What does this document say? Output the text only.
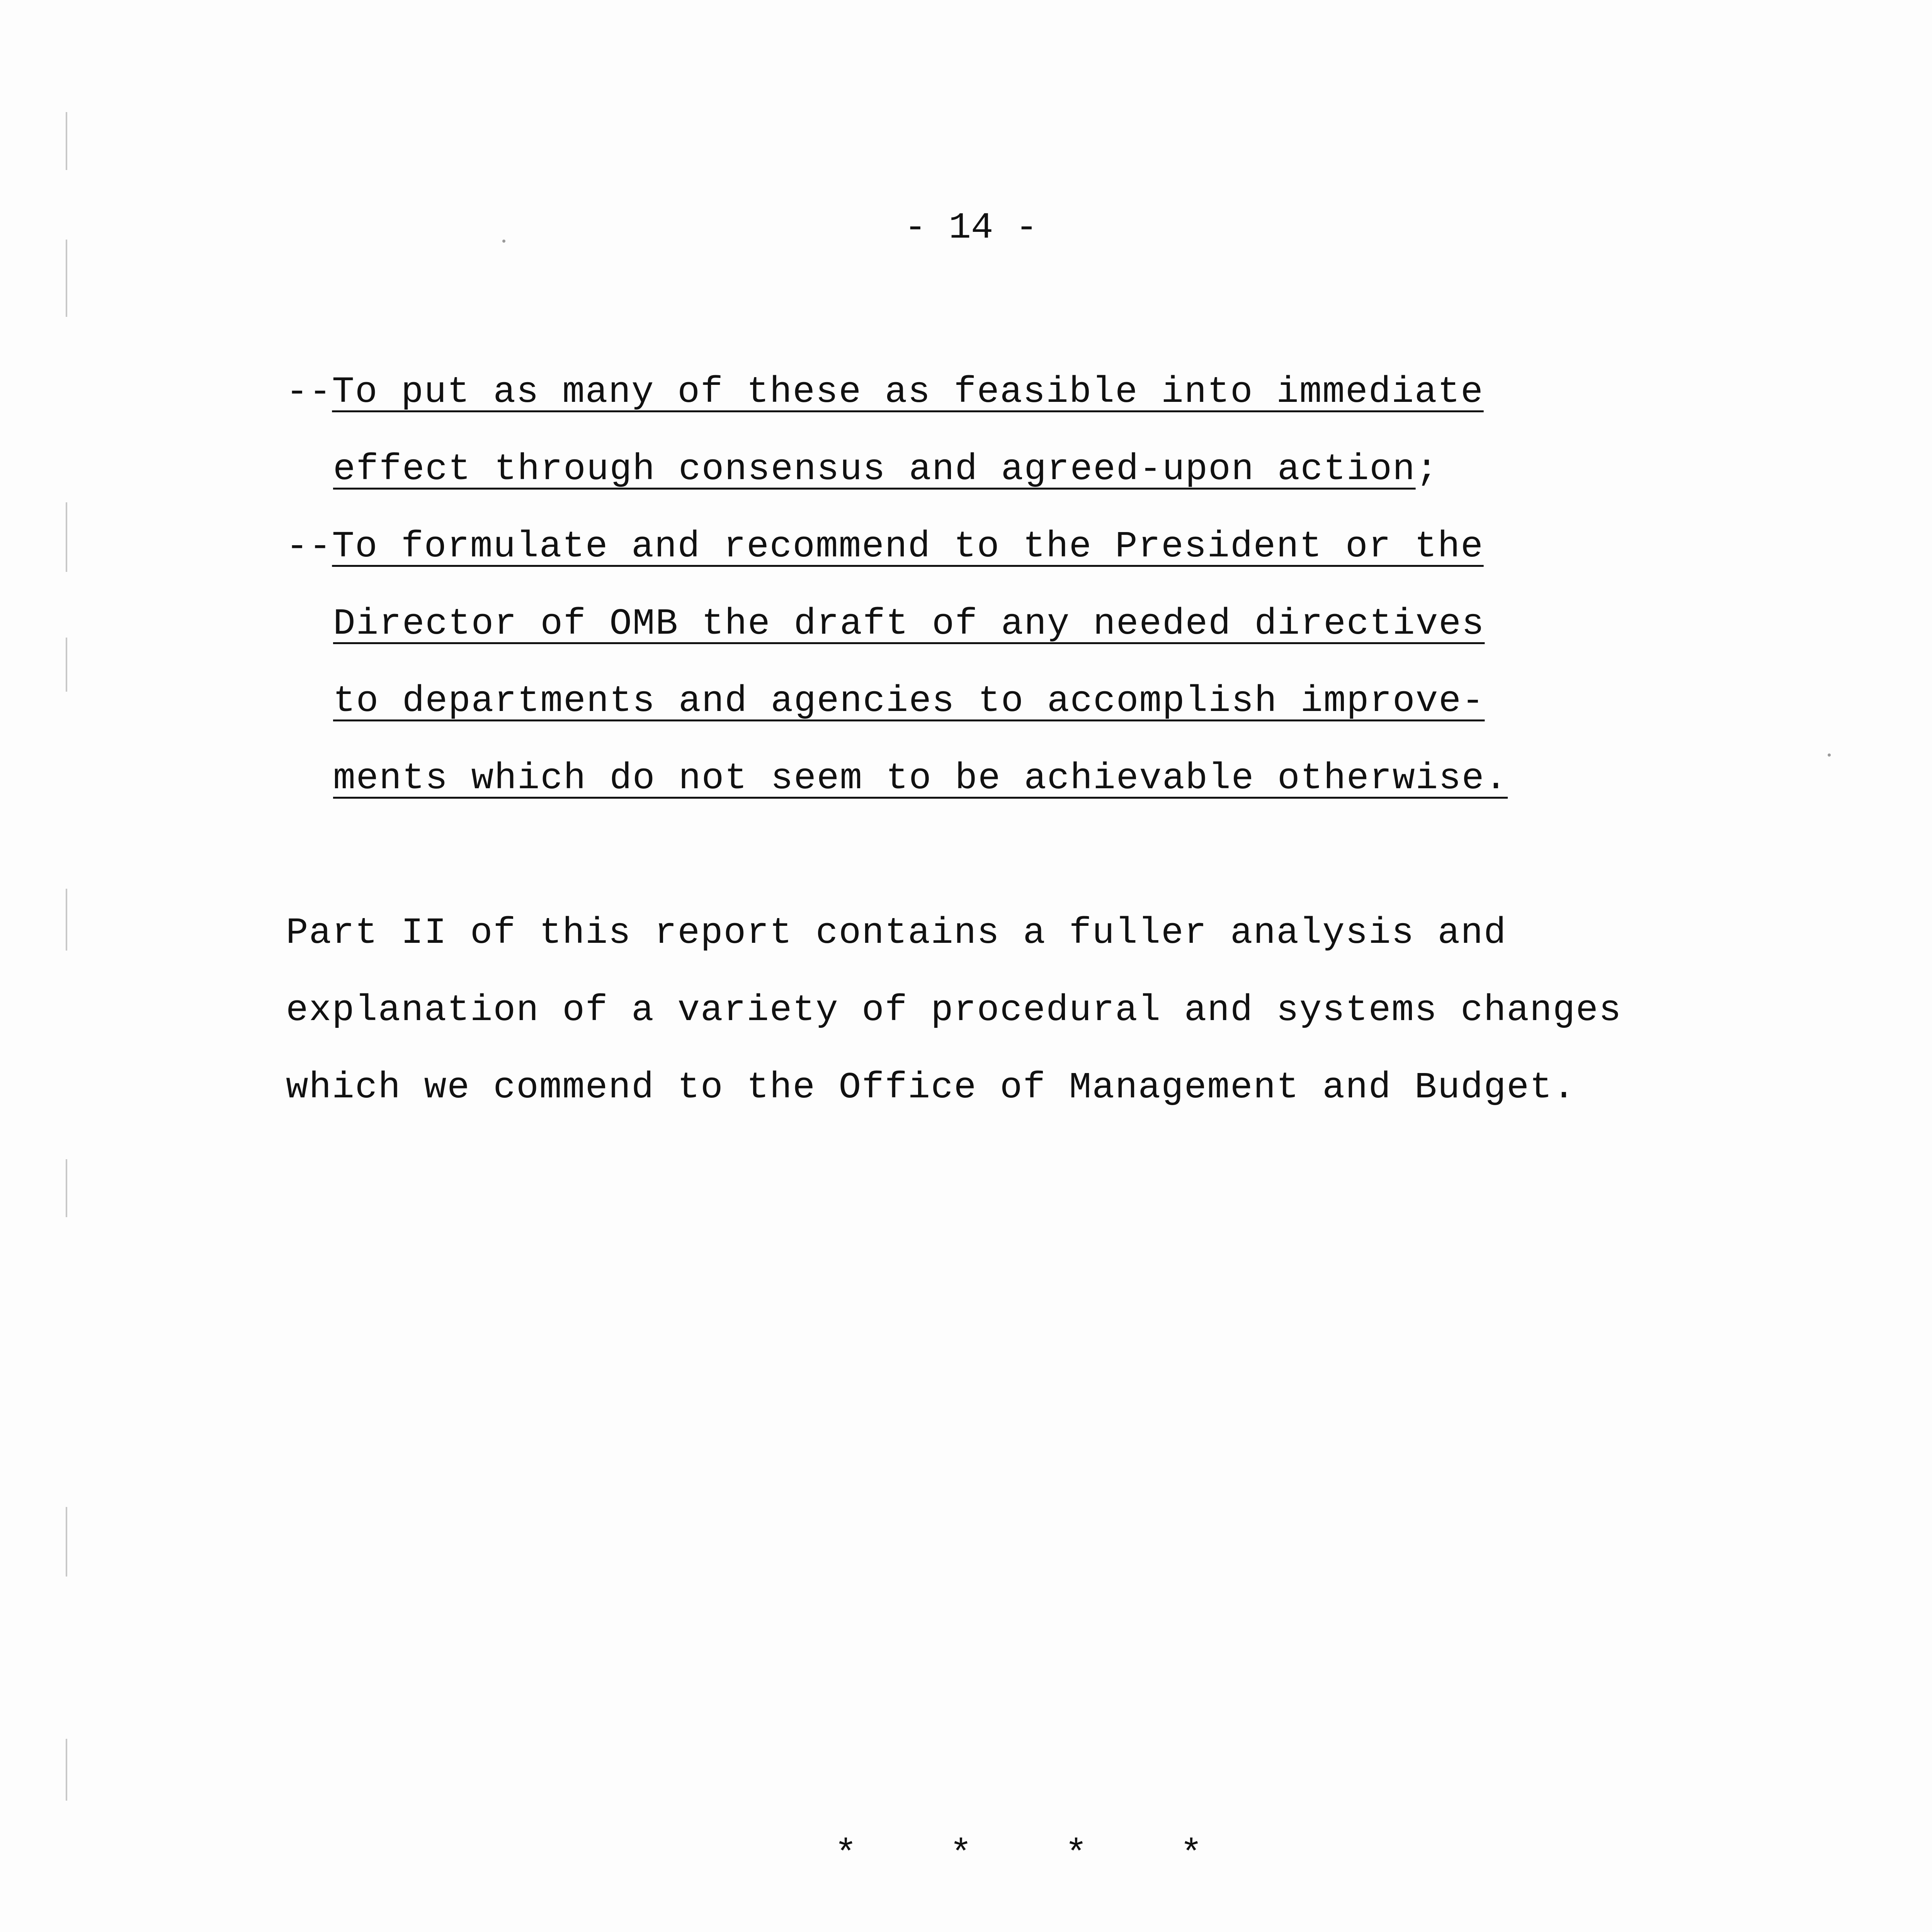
- 14 -
--To put as many of these as feasible into immediate
effect through consensus and agreed-upon action;
--To formulate and recommend to the President or the
Director of OMB the draft of any needed directives
to departments and agencies to accomplish improve-
ments which do not seem to be achievable otherwise.
Part II of this report contains a fuller analysis and
explanation of a variety of procedural and systems changes
which we commend to the Office of Management and Budget.
*    *    *    *
